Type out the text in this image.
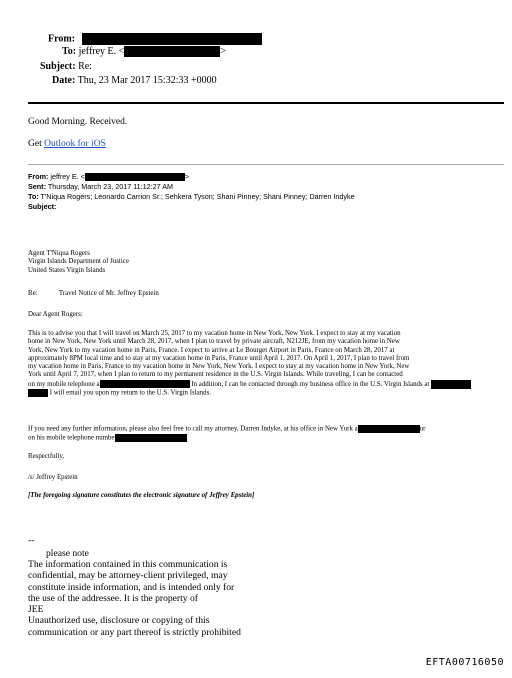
From:
To: jeffrey E. <	>
Subject: Re:
Date: Thu, 23 Mar 2017 15:32:33 +0000
Good Morning. Received.
Get Outlook for iOS
From: jeffrey E. <	>
Sent: Thursday, March 23, 2017 11:12:27 AM
To: T'Niqua Rogers; Leonardo Carrion Sr.; Sehkera Tyson; Shani Pinney; Shani Pinney; Darren Indyke
Subject:
Agent T'Niqua Rogers
Virgin Islands Department of Justice
United States Virgin Islands
Re:	Travel Notice of Mr. Jeffrey Epstein
Dear Agent Rogers:
This is to advise you that I will travel on March 25, 2017 to my vacation home in New York, New York. I expect to stay at my vacation
home in New York, New York until March 28, 2017, when I plan to travel by private aircraft, N212JE, from my vacation home in New
York, New York to my vacation home in Paris, France. I expect to arrive at Le Bourget Airport in Paris, France on March 28, 2017 at
approximately 8PM local time and to stay at my vacation home in Paris, France until April 1, 2017. On April 1, 2017, I plan to travel from
my vacation home in Paris, France to my vacation home in New York, New York. I expect to stay at my vacation home in New York, New
York until April 7, 2017, when I plan to return to my permanent residence in the U.S. Virgin Islands. While traveling, I can be contacted
on my mobile telephone a	In addition, I can be contacted through my business office in the U.S. Virgin Islands at
I will email you upon my return to the U.S. Virgin Islands.
If you need any further information, please also feel free to call my attorney, Darren Indyke, at his office in New York a	or
on his mobile telephone numbe
Respectfully,
/s/ Jeffrey Epstein
[The foregoing signature constitutes the electronic signature of Jeffrey Epstein]
--
please note
The information contained in this communication is
confidential, may be attorney-client privileged, may
constitute inside information, and is intended only for
the use of the addressee. It is the property of
JEE
Unauthorized use, disclosure or copying of this
communication or any part thereof is strictly prohibited
EFTA00716050
